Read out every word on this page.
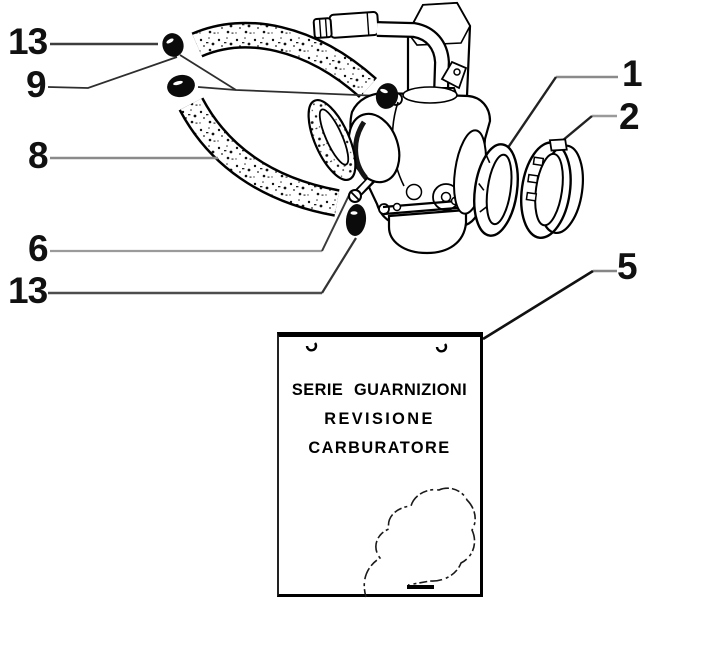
SERIE GUARNIZIONI
REVISIONE
CARBURATORE
13
9
8
6
13
1
2
5
